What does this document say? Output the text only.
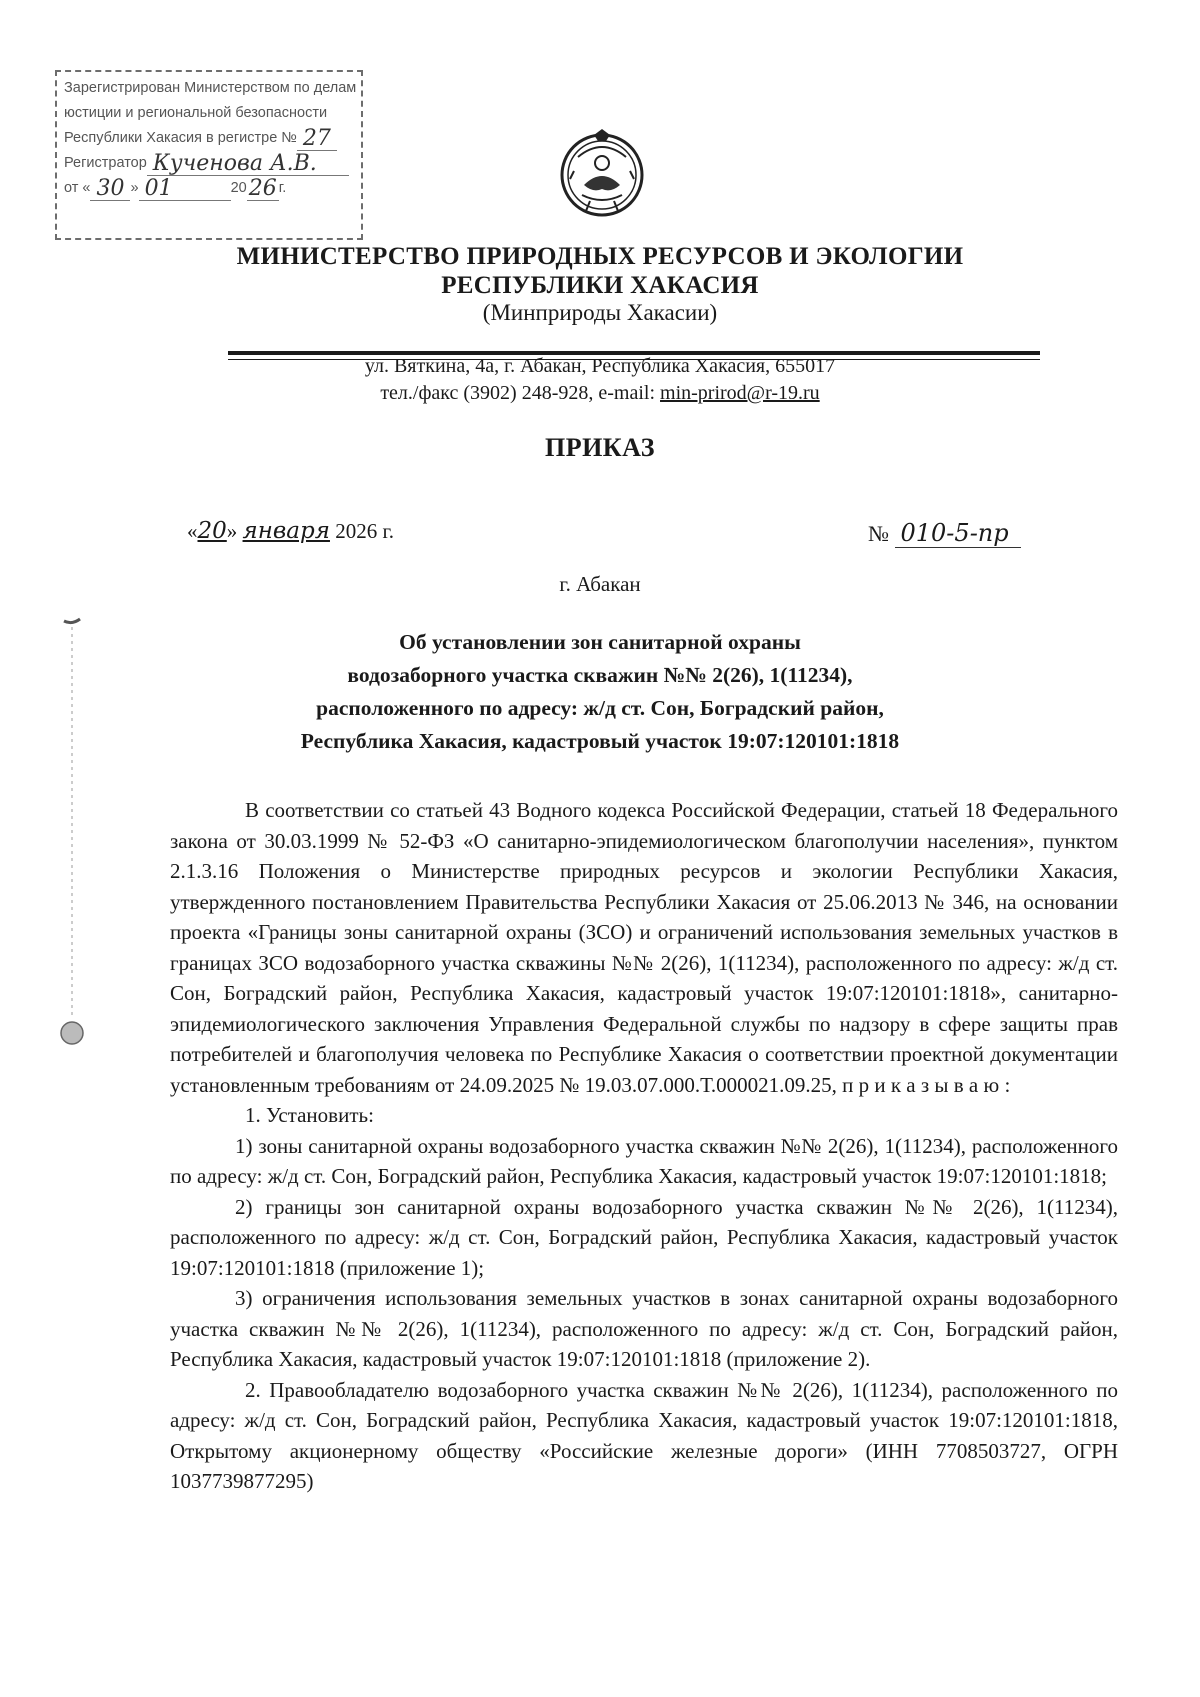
Зарегистрирован Министерством по делам
юстиции и региональной безопасности
Республики Хакасия в регистре № 27
Регистратор Кученова А.В.
от « 30 » 01	20 26 г.
МИНИСТЕРСТВО ПРИРОДНЫХ РЕСУРСОВ И ЭКОЛОГИИ
РЕСПУБЛИКИ ХАКАСИЯ
(Минприроды Хакасии)
ул. Вяткина, 4а, г. Абакан, Республика Хакасия, 655017
тел./факс (3902) 248-928, e-mail: min-prirod@r-19.ru
ПРИКАЗ
«20» января 2026 г.	№ 010-5-пр
г. Абакан
Об установлении зон санитарной охраны
водозаборного участка скважин №№ 2(26), 1(11234),
расположенного по адресу: ж/д ст. Сон, Боградский район,
Республика Хакасия, кадастровый участок 19:07:120101:1818

В соответствии со статьей 43 Водного кодекса Российской Федерации, статьей 18 Федерального закона от 30.03.1999 № 52-ФЗ «О санитарно-эпидемиологическом благополучии населения», пунктом 2.1.3.16 Положения о Министерстве природных ресурсов и экологии Республики Хакасия, утвержденного постановлением Правительства Республики Хакасия от 25.06.2013 № 346, на основании проекта «Границы зоны санитарной охраны (ЗСО) и ограничений использования земельных участков в границах ЗСО водозаборного участка скважины №№ 2(26), 1(11234), расположенного по адресу: ж/д ст. Сон, Боградский район, Республика Хакасия, кадастровый участок 19:07:120101:1818», санитарно-эпидемиологического заключения Управления Федеральной службы по надзору в сфере защиты прав потребителей и благополучия человека по Республике Хакасия о соответствии проектной документации установленным требованиям от 24.09.2025 № 19.03.07.000.Т.000021.09.25, п р и к а з ы в а ю :

1. Установить:

1) зоны санитарной охраны водозаборного участка скважин №№ 2(26), 1(11234), расположенного по адресу: ж/д ст. Сон, Боградский район, Республика Хакасия, кадастровый участок 19:07:120101:1818;

2) границы зон санитарной охраны водозаборного участка скважин №№ 2(26), 1(11234), расположенного по адресу: ж/д ст. Сон, Боградский район, Республика Хакасия, кадастровый участок 19:07:120101:1818 (приложение 1);

3) ограничения использования земельных участков в зонах санитарной охраны водозаборного участка скважин №№ 2(26), 1(11234), расположенного по адресу: ж/д ст. Сон, Боградский район, Республика Хакасия, кадастровый участок 19:07:120101:1818 (приложение 2).

2. Правообладателю водозаборного участка скважин №№ 2(26), 1(11234), расположенного по адресу: ж/д ст. Сон, Боградский район, Республика Хакасия, кадастровый участок 19:07:120101:1818, Открытому акционерному обществу «Российские железные дороги» (ИНН 7708503727, ОГРН 1037739877295)
